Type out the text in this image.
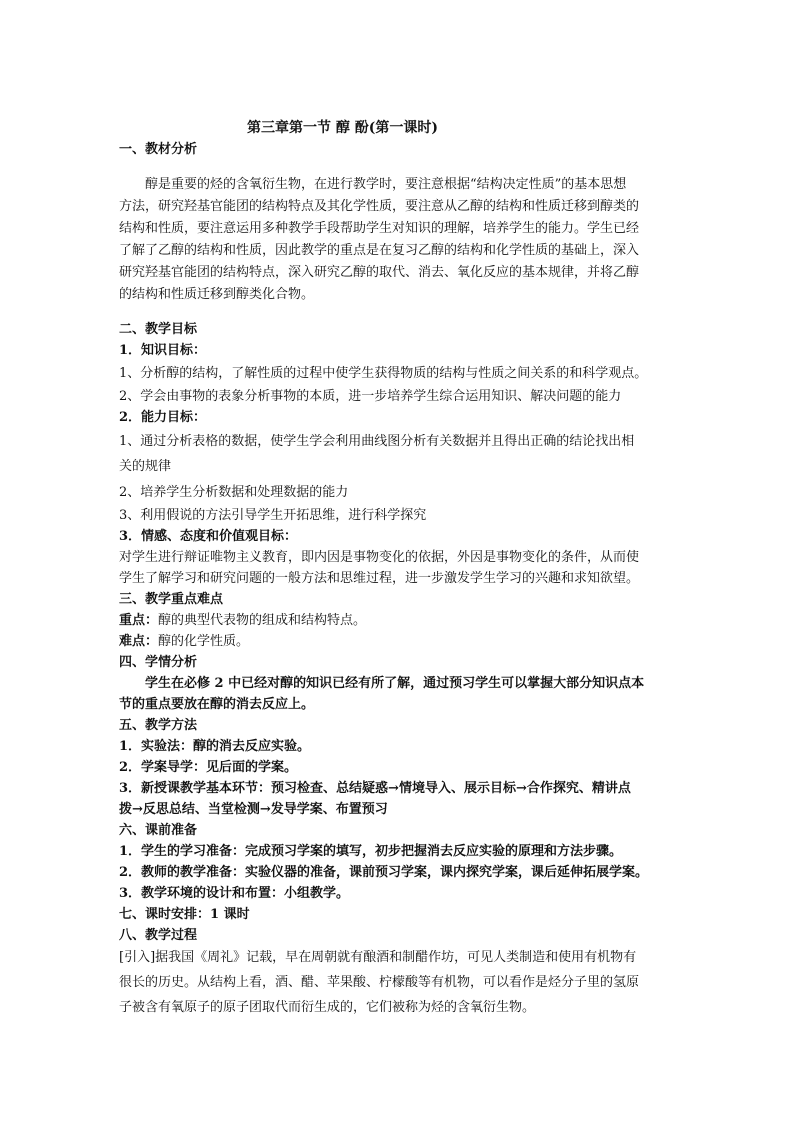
第三章第一节 醇 酚(第一课时)
一、教材分析

醇是重要的烃的含氧衍生物，在进行教学时，要注意根据“结构决定性质”的基本思想

方法，研究羟基官能团的结构特点及其化学性质，要注意从乙醇的结构和性质迁移到醇类的

结构和性质，要注意运用多种教学手段帮助学生对知识的理解，培养学生的能力。学生已经

了解了乙醇的结构和性质，因此教学的重点是在复习乙醇的结构和化学性质的基础上，深入

研究羟基官能团的结构特点，深入研究乙醇的取代、消去、氧化反应的基本规律，并将乙醇

的结构和性质迁移到醇类化合物。

二、教学目标
1．知识目标：
1、分析醇的结构，了解性质的过程中使学生获得物质的结构与性质之间关系的和科学观点。
2、学会由事物的表象分析事物的本质，进一步培养学生综合运用知识、解决问题的能力
2．能力目标：
1、通过分析表格的数据，使学生学会利用曲线图分析有关数据并且得出正确的结论找出相
关的规律
2、培养学生分析数据和处理数据的能力
3、利用假说的方法引导学生开拓思维，进行科学探究
3．情感、态度和价值观目标：
对学生进行辩证唯物主义教育，即内因是事物变化的依据，外因是事物变化的条件，从而使
学生了解学习和研究问题的一般方法和思维过程，进一步激发学生学习的兴趣和求知欲望。
三、教学重点难点
重点：醇的典型代表物的组成和结构特点。
难点：醇的化学性质。
四、学情分析
学生在必修 2 中已经对醇的知识已经有所了解，通过预习学生可以掌握大部分知识点本
节的重点要放在醇的消去反应上。
五、教学方法
1．实验法：醇的消去反应实验。
2．学案导学：见后面的学案。
3．新授课教学基本环节：预习检查、总结疑惑→情境导入、展示目标→合作探究、精讲点
拨→反思总结、当堂检测→发导学案、布置预习
六、课前准备
1．学生的学习准备：完成预习学案的填写，初步把握消去反应实验的原理和方法步骤。
2．教师的教学准备：实验仪器的准备，课前预习学案，课内探究学案，课后延伸拓展学案。
3．教学环境的设计和布置：小组教学。
七、课时安排：1 课时
八、教学过程
[引入]据我国《周礼》记载，早在周朝就有酿酒和制醋作坊，可见人类制造和使用有机物有
很长的历史。从结构上看，酒、醋、苹果酸、柠檬酸等有机物，可以看作是烃分子里的氢原
子被含有氧原子的原子团取代而衍生成的，它们被称为烃的含氧衍生物。
